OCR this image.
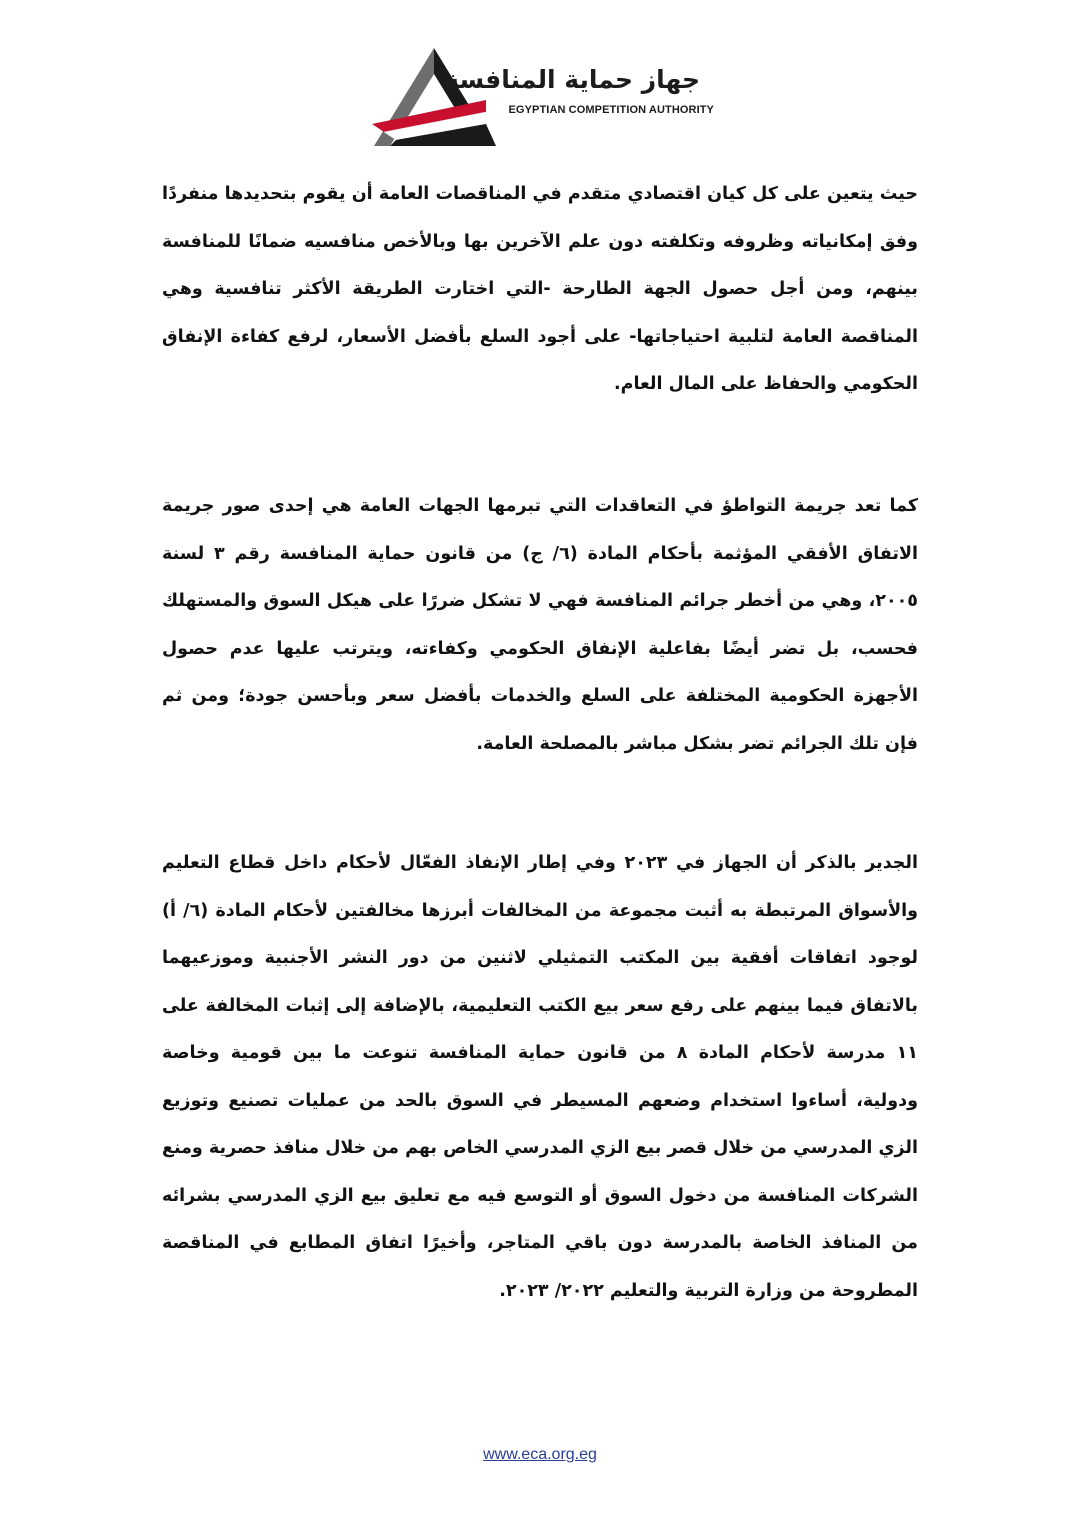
جهاز حماية المنافسة
EGYPTIAN COMPETITION AUTHORITY

حيث يتعين على كل كيان اقتصادي متقدم في المناقصات العامة أن يقوم بتحديدها منفردًا وفق إمكانياته وظروفه وتكلفته دون علم الآخرين بها وبالأخص منافسيه ضمانًا للمنافسة بينهم، ومن أجل حصول الجهة الطارحة -التي اختارت الطريقة الأكثر تنافسية وهي المناقصة العامة لتلبية احتياجاتها- على أجود السلع بأفضل الأسعار، لرفع كفاءة الإنفاق الحكومي والحفاظ على المال العام.

كما تعد جريمة التواطؤ في التعاقدات التي تبرمها الجهات العامة هي إحدى صور جريمة الاتفاق الأفقي المؤثمة بأحكام المادة (٦/ ج) من قانون حماية المنافسة رقم ٣ لسنة ٢٠٠٥، وهي من أخطر جرائم المنافسة فهي لا تشكل ضررًا على هيكل السوق والمستهلك فحسب، بل تضر أيضًا بفاعلية الإنفاق الحكومي وكفاءته، ويترتب عليها عدم حصول الأجهزة الحكومية المختلفة على السلع والخدمات بأفضل سعر وبأحسن جودة؛ ومن ثم فإن تلك الجرائم تضر بشكل مباشر بالمصلحة العامة.

الجدير بالذكر أن الجهاز في ٢٠٢٣ وفي إطار الإنفاذ الفعّال لأحكام داخل قطاع التعليم والأسواق المرتبطة به أثبت مجموعة من المخالفات أبرزها مخالفتين لأحكام المادة (٦/ أ) لوجود اتفاقات أفقية بين المكتب التمثيلي لاثنين من دور النشر الأجنبية وموزعيهما بالاتفاق فيما بينهم على رفع سعر بيع الكتب التعليمية، بالإضافة إلى إثبات المخالفة على ١١ مدرسة لأحكام المادة ٨ من قانون حماية المنافسة تنوعت ما بين قومية وخاصة ودولية، أساءوا استخدام وضعهم المسيطر في السوق بالحد من عمليات تصنيع وتوزيع الزي المدرسي من خلال قصر بيع الزي المدرسي الخاص بهم من خلال منافذ حصرية ومنع الشركات المنافسة من دخول السوق أو التوسع فيه مع تعليق بيع الزي المدرسي بشرائه من المنافذ الخاصة بالمدرسة دون باقي المتاجر، وأخيرًا اتفاق المطابع في المناقصة المطروحة من وزارة التربية والتعليم ٢٠٢٢/ ٢٠٢٣.

www.eca.org.eg
